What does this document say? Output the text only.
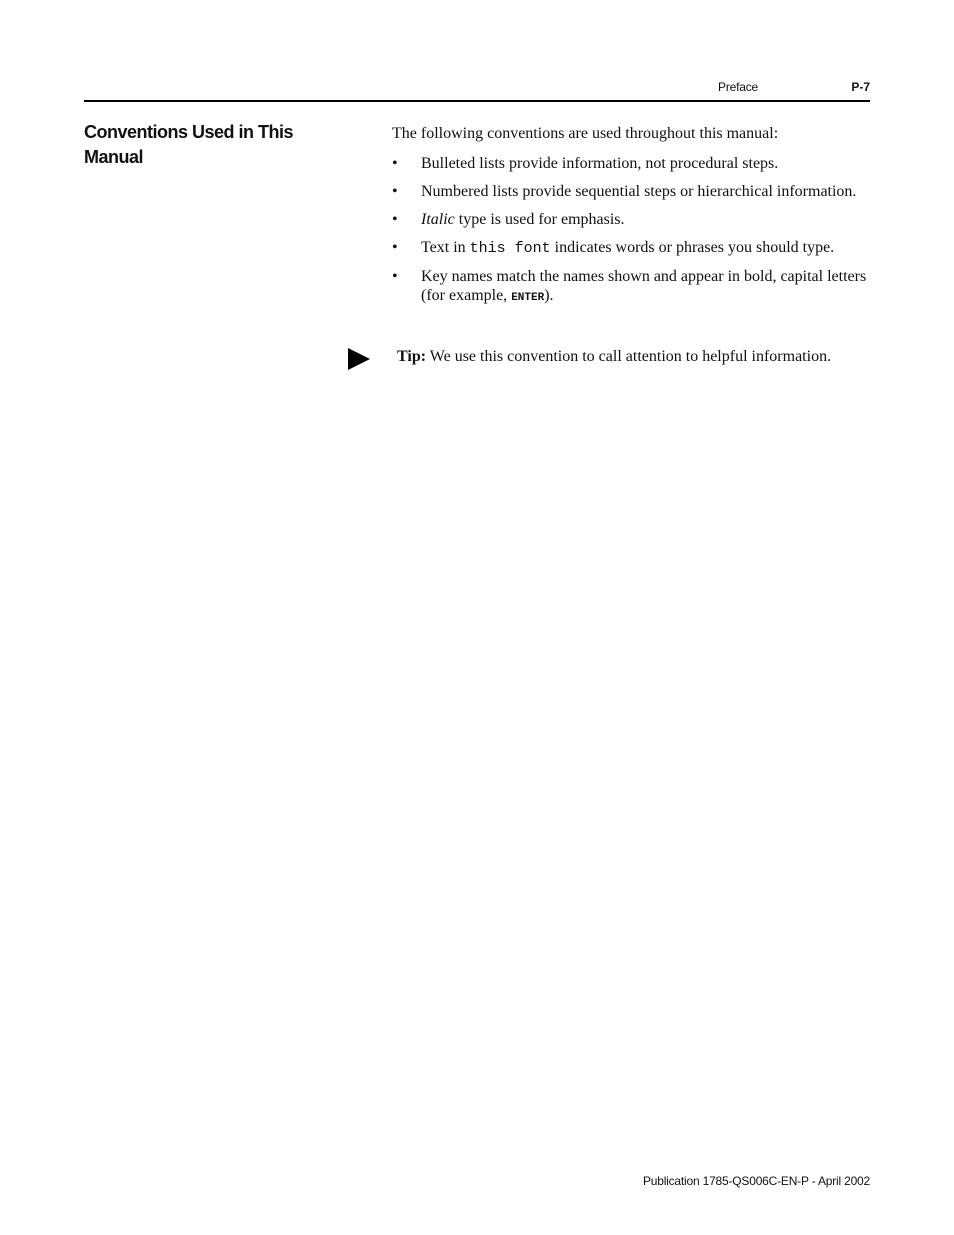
Preface	P-7
Conventions Used in This
Manual

The following conventions are used throughout this manual:

• Bulleted lists provide information, not procedural steps.
• Numbered lists provide sequential steps or hierarchical information.
• Italic type is used for emphasis.
• Text in this font indicates words or phrases you should type.
• Key names match the names shown and appear in bold, capital letters (for example, ENTER).

Tip: We use this convention to call attention to helpful information.

Publication 1785-QS006C-EN-P - April 2002
